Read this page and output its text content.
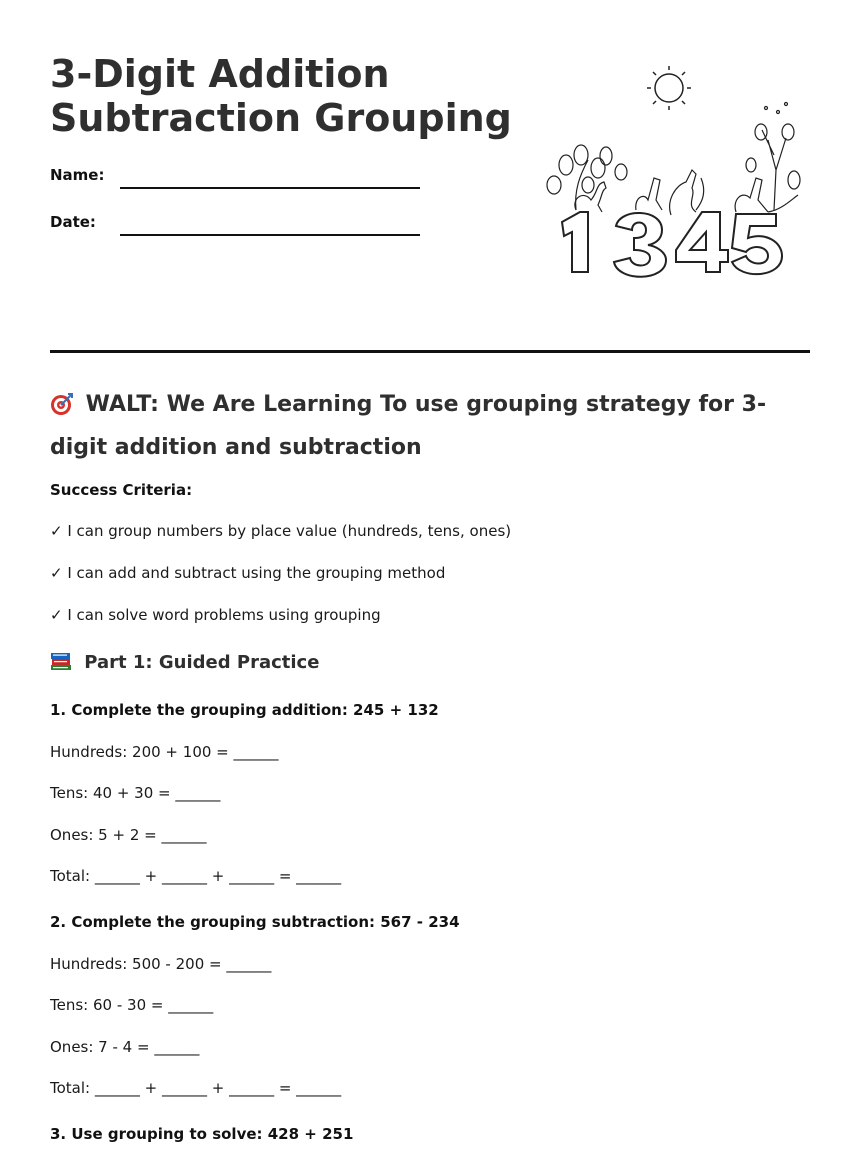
3-Digit Addition
Subtraction Grouping
Name:
Date:
WALT: We Are Learning To use grouping strategy for 3-digit addition and subtraction
Success Criteria:
✓ I can group numbers by place value (hundreds, tens, ones)
✓ I can add and subtract using the grouping method
✓ I can solve word problems using grouping
Part 1: Guided Practice
1. Complete the grouping addition: 245 + 132
Hundreds: 200 + 100 = ______
Tens: 40 + 30 = ______
Ones: 5 + 2 = ______
Total: ______ + ______ + ______ = ______
2. Complete the grouping subtraction: 567 - 234
Hundreds: 500 - 200 = ______
Tens: 60 - 30 = ______
Ones: 7 - 4 = ______
Total: ______ + ______ + ______ = ______
3. Use grouping to solve: 428 + 251
